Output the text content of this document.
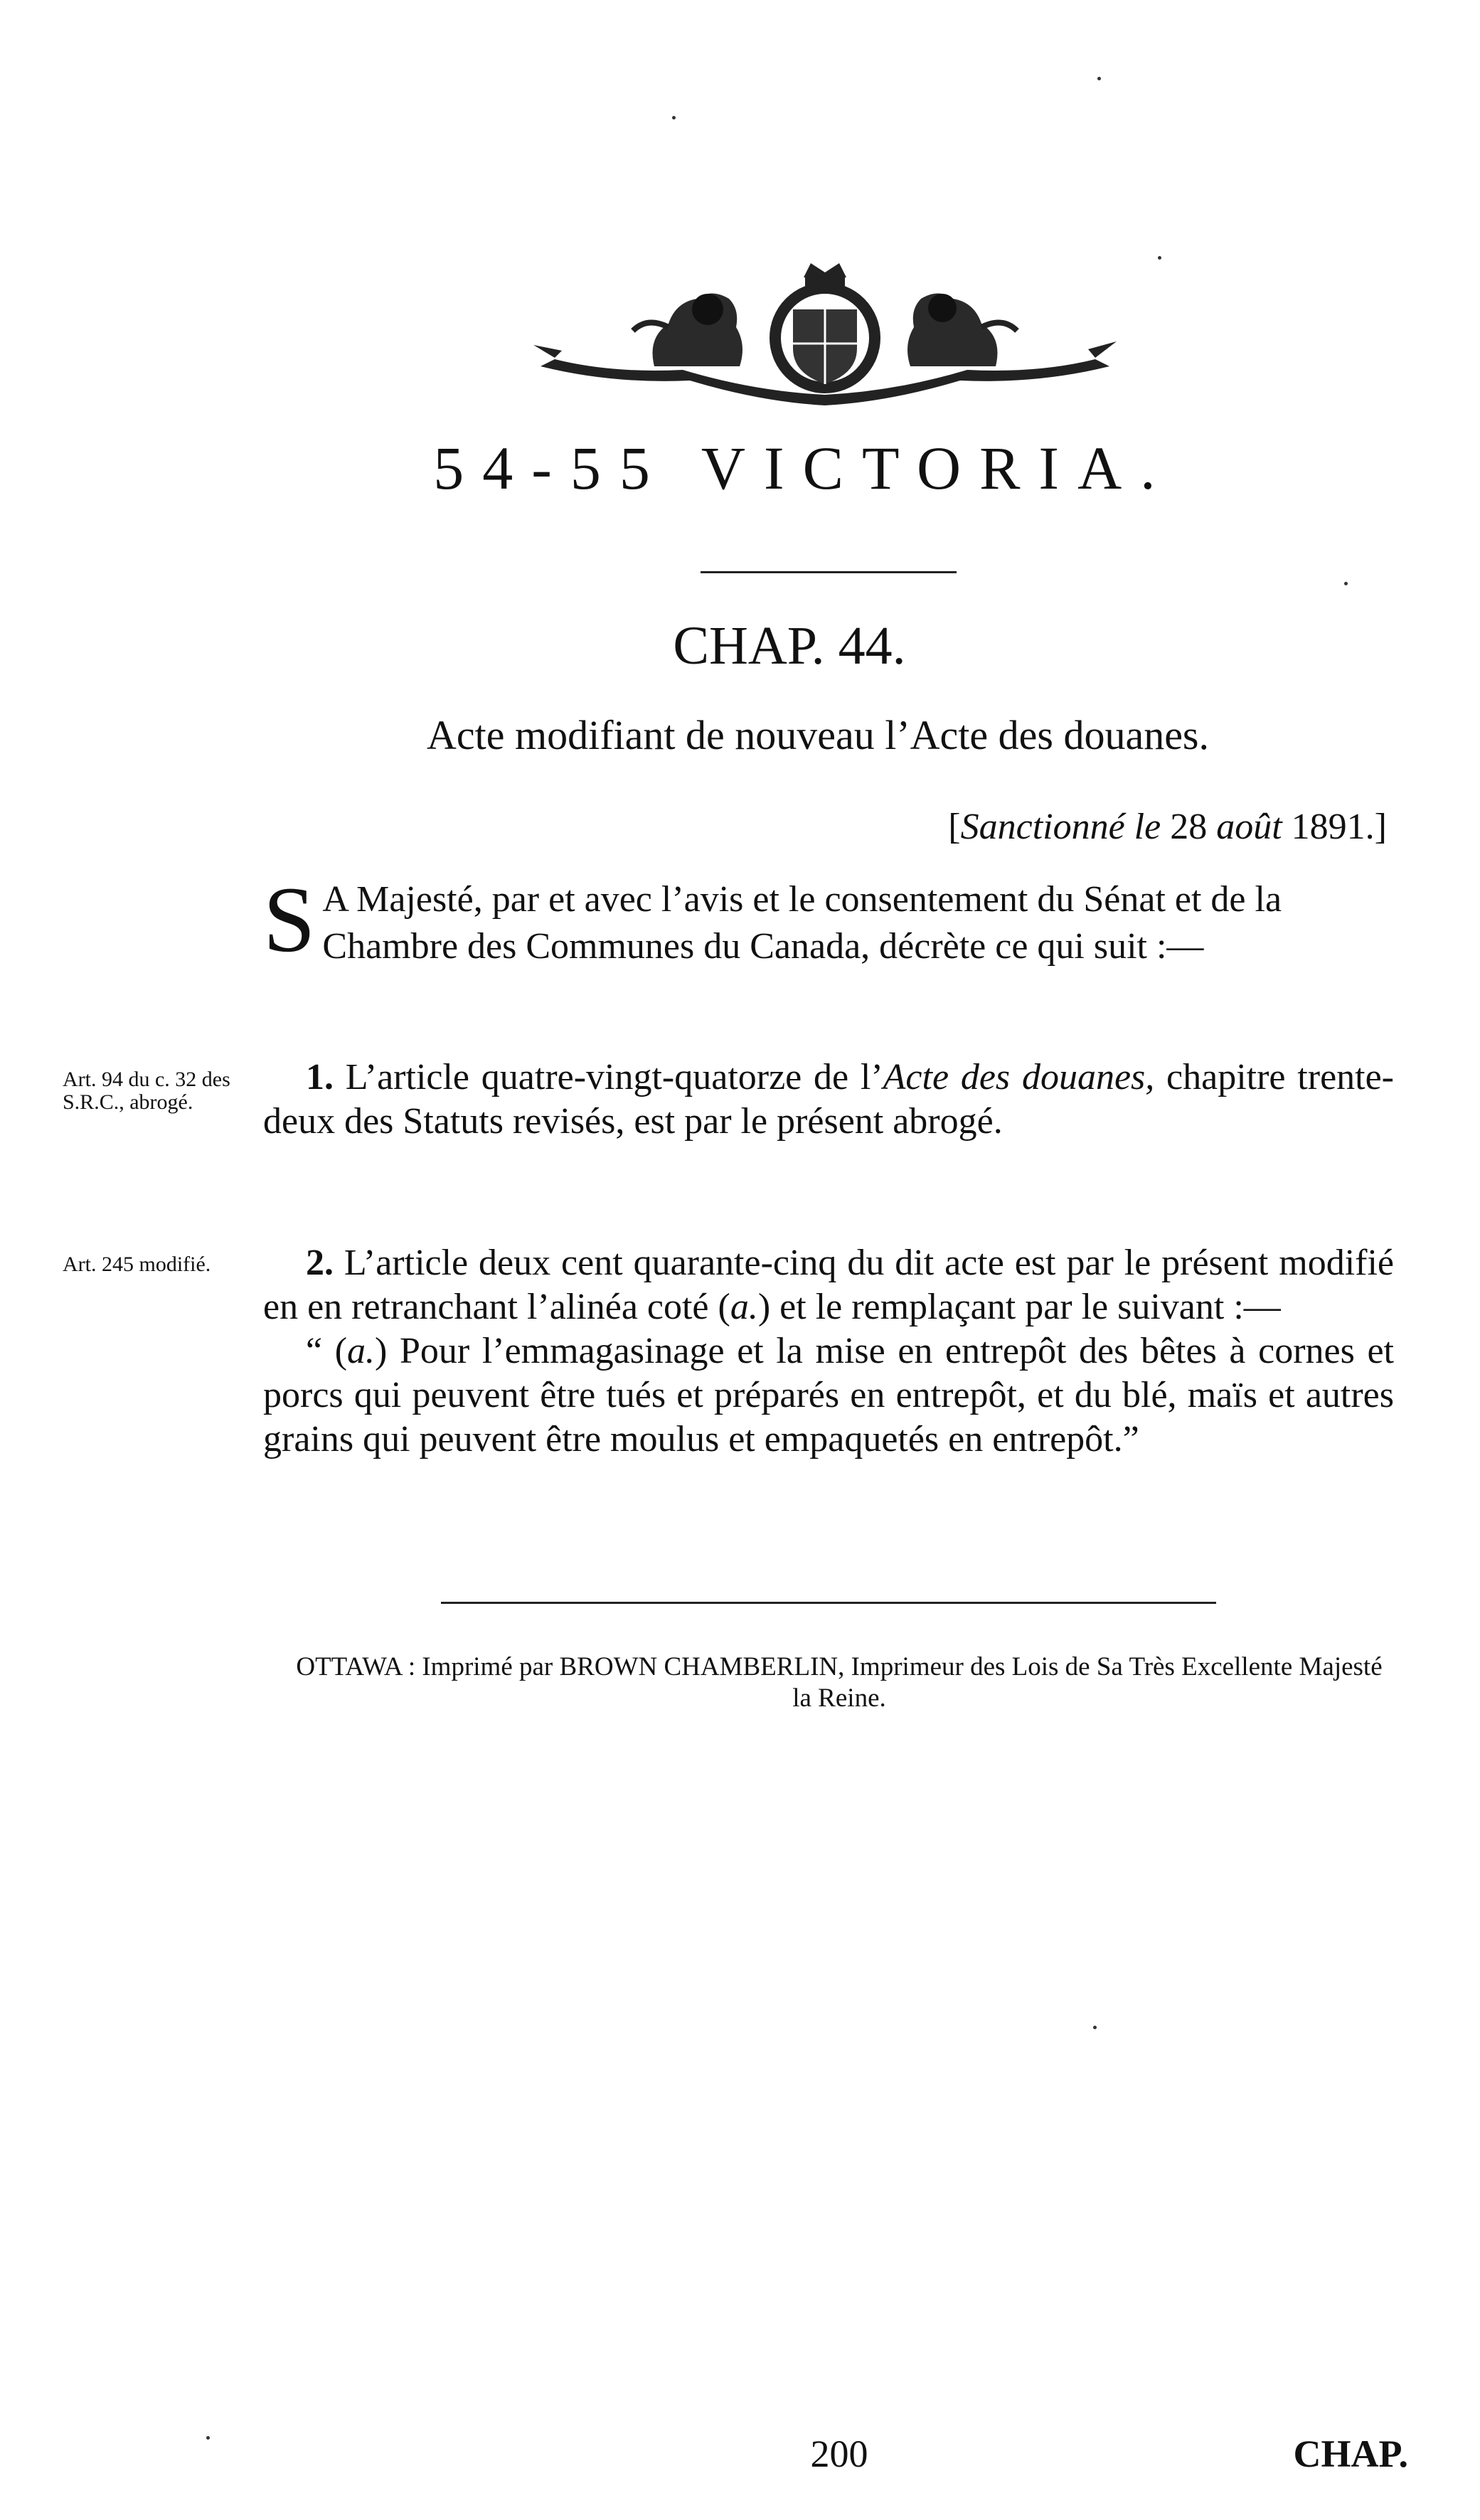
54-55 VICTORIA.
CHAP. 44.
Acte modifiant de nouveau l’Acte des douanes.
[Sanctionné le 28 août 1891.]
S A Majesté, par et avec l’avis et le consentement du Sénat et de la Chambre des Communes du Canada, décrète ce qui suit :—
Art. 94 du c. 32 des S.R.C., abrogé.
1. L’article quatre-vingt-quatorze de l’Acte des douanes, chapitre trente-deux des Statuts revisés, est par le présent abrogé.
Art. 245 modifié.	2. L’article deux cent quarante-cinq du dit acte est par le présent modifié en en retranchant l’alinéa coté (a.) et le remplaçant par le suivant :—
“ (a.) Pour l’emmagasinage et la mise en entrepôt des bêtes à cornes et porcs qui peuvent être tués et préparés en entrepôt, et du blé, maïs et autres grains qui peuvent être moulus et empaquetés en entrepôt.”
OTTAWA : Imprimé par BROWN CHAMBERLIN, Imprimeur des Lois de Sa Très Excellente Majesté la Reine.
200	CHAP.
